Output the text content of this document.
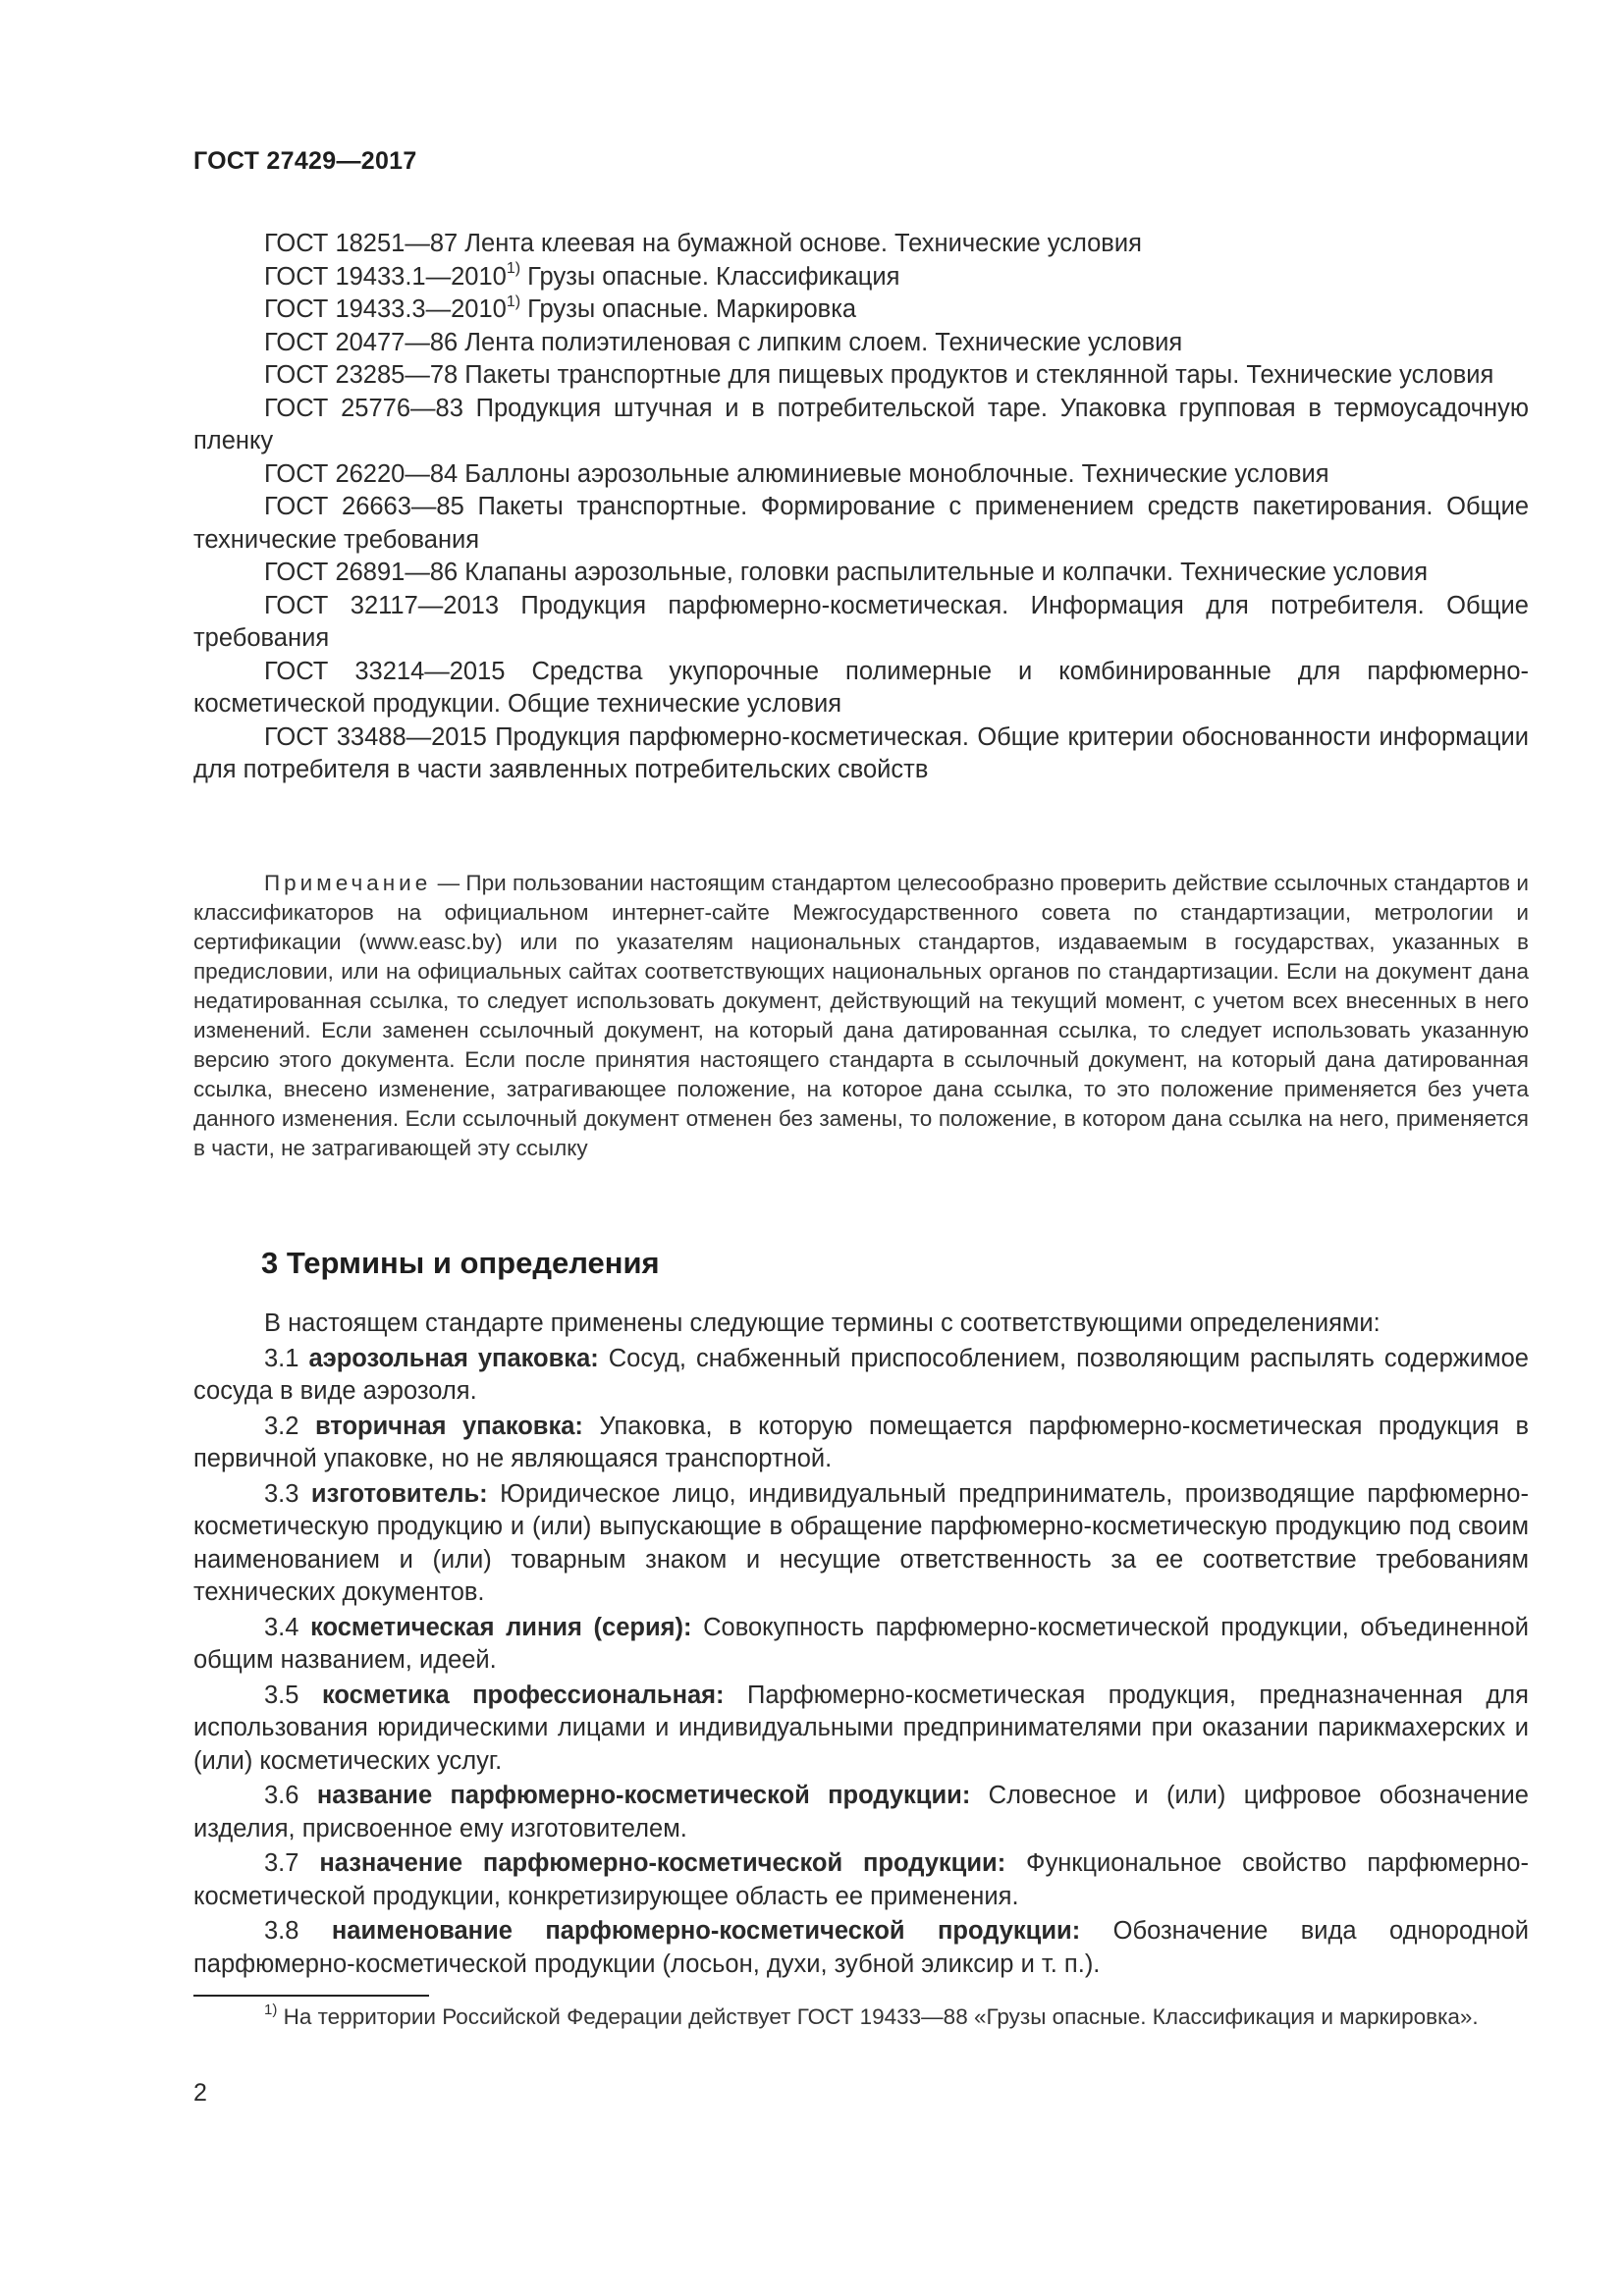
ГОСТ 27429—2017

ГОСТ 18251—87 Лента клеевая на бумажной основе. Технические условия

ГОСТ 19433.1—2010$^{1)}$ Грузы опасные. Классификация

ГОСТ 19433.3—2010$^{1)}$ Грузы опасные. Маркировка

ГОСТ 20477—86 Лента полиэтиленовая с липким слоем. Технические условия

ГОСТ 23285—78 Пакеты транспортные для пищевых продуктов и стеклянной тары. Технические условия

ГОСТ 25776—83 Продукция штучная и в потребительской таре. Упаковка групповая в термоусадочную пленку

ГОСТ 26220—84 Баллоны аэрозольные алюминиевые моноблочные. Технические условия

ГОСТ 26663—85 Пакеты транспортные. Формирование с применением средств пакетирования. Общие технические требования

ГОСТ 26891—86 Клапаны аэрозольные, головки распылительные и колпачки. Технические условия

ГОСТ 32117—2013 Продукция парфюмерно-косметическая. Информация для потребителя. Общие требования

ГОСТ 33214—2015 Средства укупорочные полимерные и комбинированные для парфюмерно-косметической продукции. Общие технические условия

ГОСТ 33488—2015 Продукция парфюмерно-косметическая. Общие критерии обоснованности информации для потребителя в части заявленных потребительских свойств

Примечание — При пользовании настоящим стандартом целесообразно проверить действие ссылочных стандартов и классификаторов на официальном интернет-сайте Межгосударственного совета по стандартизации, метрологии и сертификации (www.easc.by) или по указателям национальных стандартов, издаваемым в государствах, указанных в предисловии, или на официальных сайтах соответствующих национальных органов по стандартизации. Если на документ дана недатированная ссылка, то следует использовать документ, действующий на текущий момент, с учетом всех внесенных в него изменений. Если заменен ссылочный документ, на который дана датированная ссылка, то следует использовать указанную версию этого документа. Если после принятия настоящего стандарта в ссылочный документ, на который дана датированная ссылка, внесено изменение, затрагивающее положение, на которое дана ссылка, то это положение применяется без учета данного изменения. Если ссылочный документ отменен без замены, то положение, в котором дана ссылка на него, применяется в части, не затрагивающей эту ссылку

3 Термины и определения

В настоящем стандарте применены следующие термины с соответствующими определениями:

3.1 аэрозольная упаковка: Сосуд, снабженный приспособлением, позволяющим распылять содержимое сосуда в виде аэрозоля.

3.2 вторичная упаковка: Упаковка, в которую помещается парфюмерно-косметическая продукция в первичной упаковке, но не являющаяся транспортной.

3.3 изготовитель: Юридическое лицо, индивидуальный предприниматель, производящие парфюмерно-косметическую продукцию и (или) выпускающие в обращение парфюмерно-косметическую продукцию под своим наименованием и (или) товарным знаком и несущие ответственность за ее соответствие требованиям технических документов.

3.4 косметическая линия (серия): Совокупность парфюмерно-косметической продукции, объединенной общим названием, идеей.

3.5 косметика профессиональная: Парфюмерно-косметическая продукция, предназначенная для использования юридическими лицами и индивидуальными предпринимателями при оказании парикмахерских и (или) косметических услуг.

3.6 название парфюмерно-косметической продукции: Словесное и (или) цифровое обозначение изделия, присвоенное ему изготовителем.

3.7 назначение парфюмерно-косметической продукции: Функциональное свойство парфюмерно-косметической продукции, конкретизирующее область ее применения.

3.8 наименование парфюмерно-косметической продукции: Обозначение вида однородной парфюмерно-косметической продукции (лосьон, духи, зубной эликсир и т. п.).

$^{1)}$ На территории Российской Федерации действует ГОСТ 19433—88 «Грузы опасные. Классификация и маркировка».

2
